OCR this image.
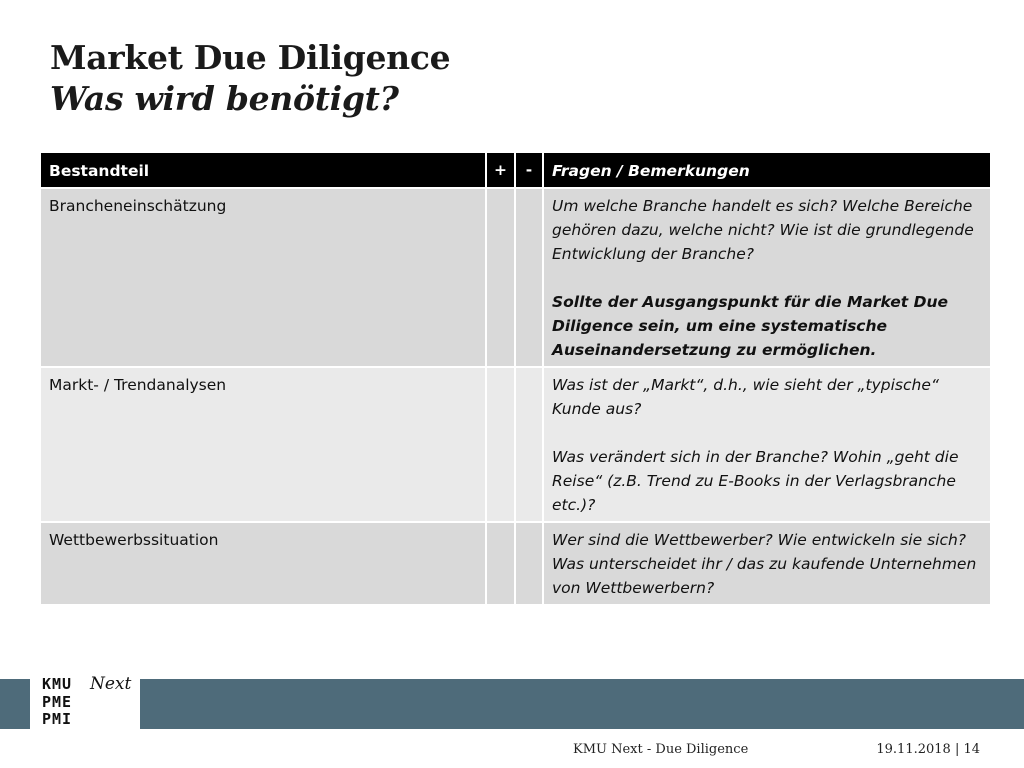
Market Due Diligence
Was wird benötigt?
Bestandteil	+	-	Fragen / Bemerkungen
Brancheneinschätzung			Um welche Branche handelt es sich? Welche Bereiche gehören dazu, welche nicht? Wie ist die grundlegende Entwicklung der Branche?
Sollte der Ausgangspunkt für die Market Due Diligence sein, um eine systematische Auseinandersetzung zu ermöglichen.

Markt- / Trendanalysen			Was ist der „Markt“, d.h., wie sieht der „typische“ Kunde aus?
Was verändert sich in der Branche? Wohin „geht die Reise“ (z.B. Trend zu E-Books in der Verlagsbranche etc.)?

Wettbewerbssituation			Wer sind die Wettbewerber? Wie entwickeln sie sich? Was unterscheidet ihr / das zu kaufende Unternehmen von Wettbewerbern?
KMU
PME
PMI
Next
KMU Next - Due Diligence	19.11.2018 | 14
